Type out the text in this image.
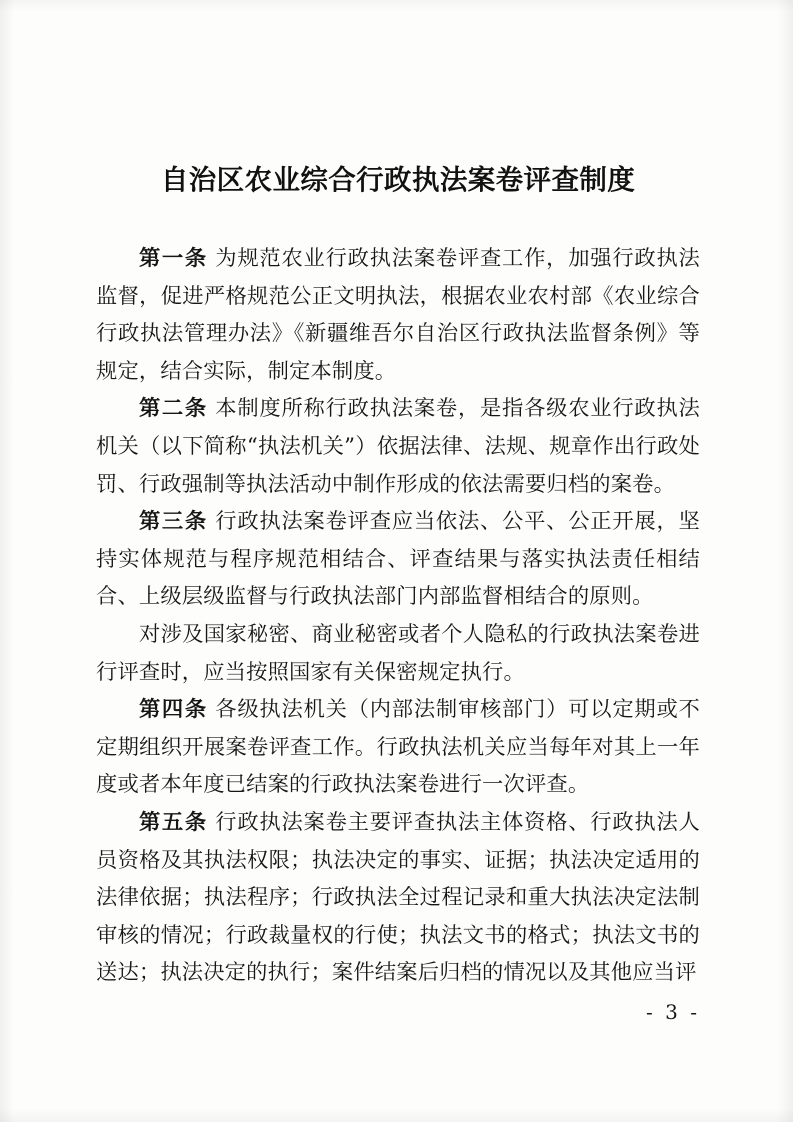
自治区农业综合行政执法案卷评查制度

第一条 为规范农业行政执法案卷评查工作，加强行政执法监督，促进严格规范公正文明执法，根据农业农村部《农业综合行政执法管理办法》《新疆维吾尔自治区行政执法监督条例》等规定，结合实际，制定本制度。

第二条 本制度所称行政执法案卷，是指各级农业行政执法机关（以下简称“执法机关”）依据法律、法规、规章作出行政处罚、行政强制等执法活动中制作形成的依法需要归档的案卷。

第三条 行政执法案卷评查应当依法、公平、公正开展，坚持实体规范与程序规范相结合、评查结果与落实执法责任相结合、上级层级监督与行政执法部门内部监督相结合的原则。

对涉及国家秘密、商业秘密或者个人隐私的行政执法案卷进行评查时，应当按照国家有关保密规定执行。

第四条 各级执法机关（内部法制审核部门）可以定期或不定期组织开展案卷评查工作。行政执法机关应当每年对其上一年度或者本年度已结案的行政执法案卷进行一次评查。

第五条 行政执法案卷主要评查执法主体资格、行政执法人员资格及其执法权限；执法决定的事实、证据；执法决定适用的法律依据；执法程序；行政执法全过程记录和重大执法决定法制审核的情况；行政裁量权的行使；执法文书的格式；执法文书的送达；执法决定的执行；案件结案后归档的情况以及其他应当评

- 3 -
